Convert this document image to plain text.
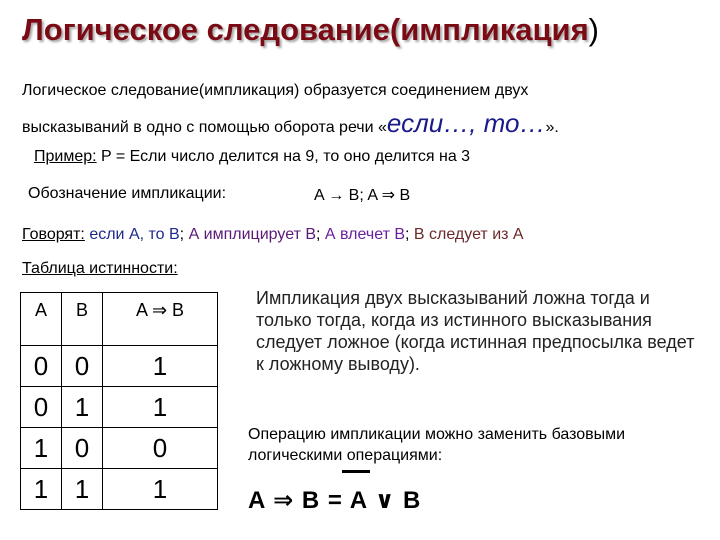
Логическое следование(импликация)
Логическое следование(импликация) образуется соединением двух
высказываний в одно с помощью оборота речи «если…, то…».
Пример: P = Если число делится на 9, то оно делится на 3
Обозначение импликации:	A → B; A ⇒ B
Говорят: если А, то В; А имплицирует В; А влечет В; В следует из А
Таблица истинности:
A	B	A ⇒ B
0	0	1
0	1	1
1	0	0
1	1	1
Импликация двух высказываний ложна тогда и только тогда, когда из истинного высказывания следует ложное (когда истинная предпосылка ведет к ложному выводу).
Операцию импликации можно заменить базовыми логическими операциями:
A ⇒ B = A ∨ B
